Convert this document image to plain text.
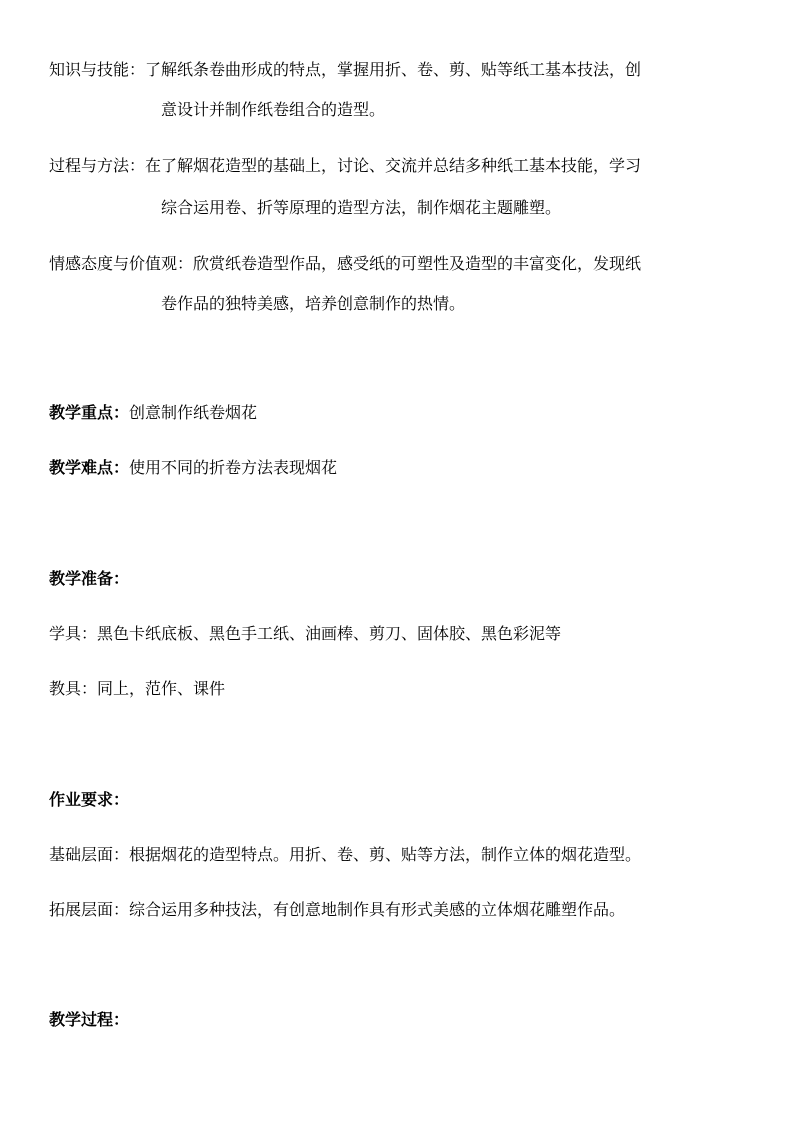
知识与技能：了解纸条卷曲形成的特点，掌握用折、卷、剪、贴等纸工基本技法，创
意设计并制作纸卷组合的造型。
过程与方法：在了解烟花造型的基础上，讨论、交流并总结多种纸工基本技能，学习
综合运用卷、折等原理的造型方法，制作烟花主题雕塑。
情感态度与价值观：欣赏纸卷造型作品，感受纸的可塑性及造型的丰富变化，发现纸
卷作品的独特美感，培养创意制作的热情。
教学重点：创意制作纸卷烟花
教学难点：使用不同的折卷方法表现烟花
教学准备：
学具：黑色卡纸底板、黑色手工纸、油画棒、剪刀、固体胶、黑色彩泥等
教具：同上，范作、课件
作业要求：
基础层面：根据烟花的造型特点。用折、卷、剪、贴等方法，制作立体的烟花造型。
拓展层面：综合运用多种技法，有创意地制作具有形式美感的立体烟花雕塑作品。
教学过程：
